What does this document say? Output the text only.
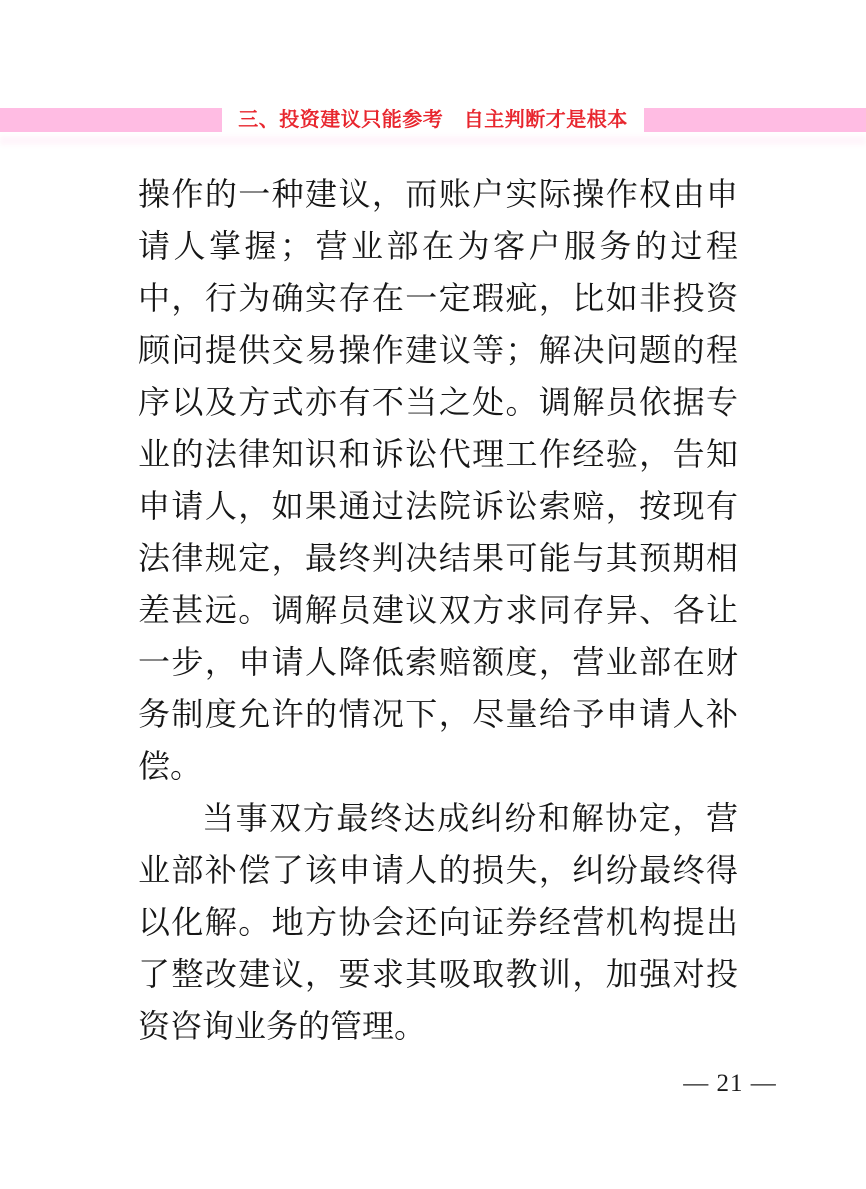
三、投资建议只能参考　自主判断才是根本

操作的一种建议，而账户实际操作权由申请人掌握；营业部在为客户服务的过程中，行为确实存在一定瑕疵，比如非投资顾问提供交易操作建议等；解决问题的程序以及方式亦有不当之处。调解员依据专业的法律知识和诉讼代理工作经验，告知申请人，如果通过法院诉讼索赔，按现有法律规定，最终判决结果可能与其预期相差甚远。调解员建议双方求同存异、各让一步，申请人降低索赔额度，营业部在财务制度允许的情况下，尽量给予申请人补偿。

当事双方最终达成纠纷和解协定，营业部补偿了该申请人的损失，纠纷最终得以化解。地方协会还向证券经营机构提出了整改建议，要求其吸取教训，加强对投资咨询业务的管理。

— 21 —
